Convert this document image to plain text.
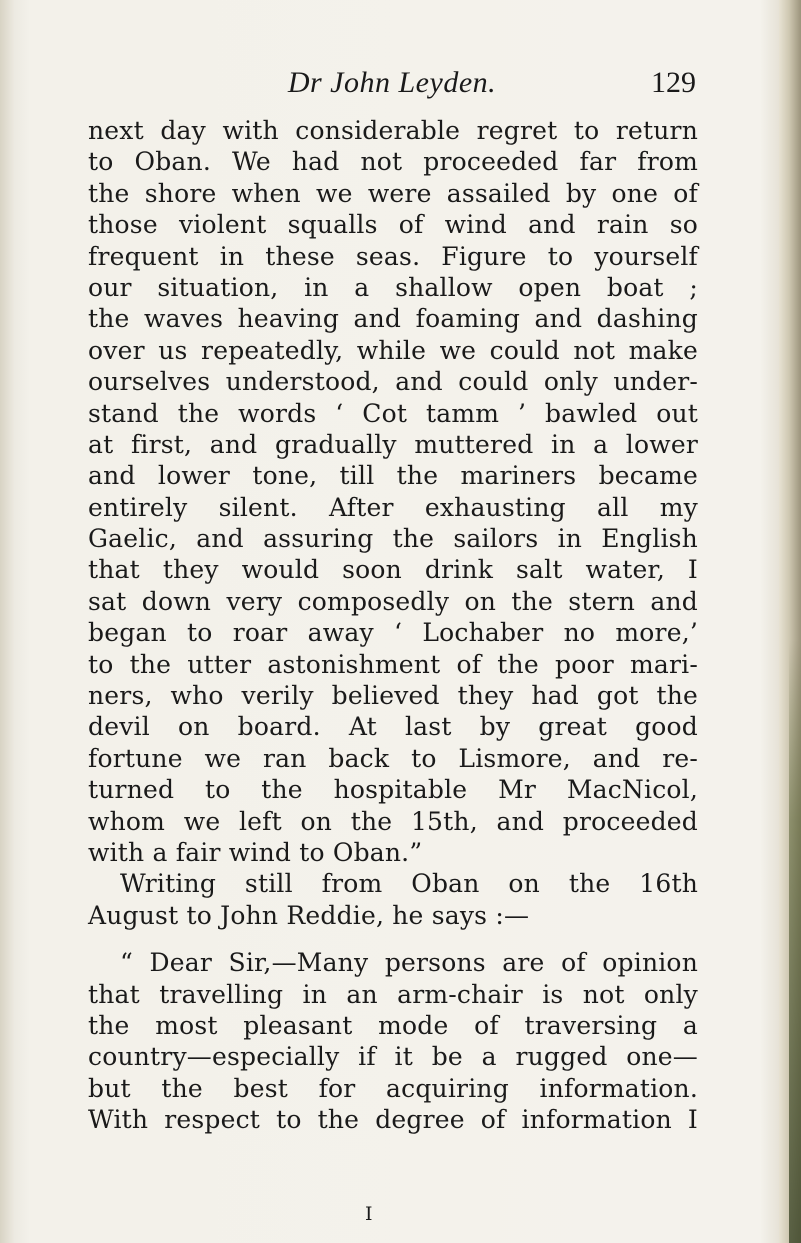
Dr John Leyden.	129
next day with considerable regret to return
to Oban. We had not proceeded far from
the shore when we were assailed by one of
those violent squalls of wind and rain so
frequent in these seas. Figure to yourself
our situation, in a shallow open boat ;
the waves heaving and foaming and dashing
over us repeatedly, while we could not make
ourselves understood, and could only under-
stand the words ‘ Cot tamm ’ bawled out
at first, and gradually muttered in a lower
and lower tone, till the mariners became
entirely silent. After exhausting all my
Gaelic, and assuring the sailors in English
that they would soon drink salt water, I
sat down very composedly on the stern and
began to roar away ‘ Lochaber no more,’
to the utter astonishment of the poor mari-
ners, who verily believed they had got the
devil on board. At last by great good
fortune we ran back to Lismore, and re-
turned to the hospitable Mr MacNicol,
whom we left on the 15th, and proceeded
with a fair wind to Oban.”
Writing still from Oban on the 16th
August to John Reddie, he says :—
“ Dear Sir,—Many persons are of opinion
that travelling in an arm-chair is not only
the most pleasant mode of traversing a
country—especially if it be a rugged one—
but the best for acquiring information.
With respect to the degree of information I
I
